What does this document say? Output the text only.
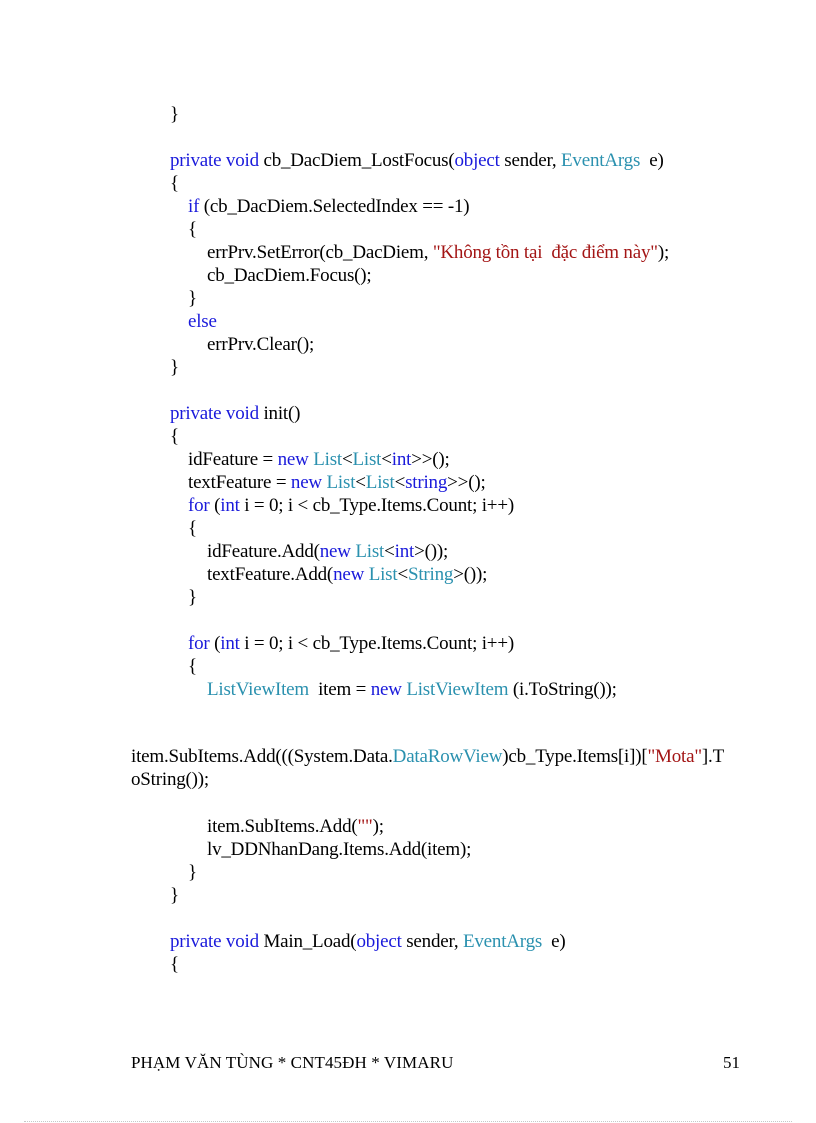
}
private void cb_DacDiem_LostFocus(object sender, EventArgs  e)
{
if (cb_DacDiem.SelectedIndex == -1)
{
errPrv.SetError(cb_DacDiem, "Không tồn tại  đặc điểm này");
cb_DacDiem.Focus();
}
else
errPrv.Clear();
}
private void init()
{
idFeature = new List<List<int>>();
textFeature = new List<List<string>>();
for (int i = 0; i < cb_Type.Items.Count; i++)
{
idFeature.Add(new List<int>());
textFeature.Add(new List<String>());
}
for (int i = 0; i < cb_Type.Items.Count; i++)
{
ListViewItem  item = new ListViewItem (i.ToString());
item.SubItems.Add(((System.Data.DataRowView)cb_Type.Items[i])["Mota"].T
oString());
item.SubItems.Add("");
lv_DDNhanDang.Items.Add(item);
}
}
private void Main_Load(object sender, EventArgs  e)
{
PHẠM VĂN TÙNG * CNT45ĐH * VIMARU	51
